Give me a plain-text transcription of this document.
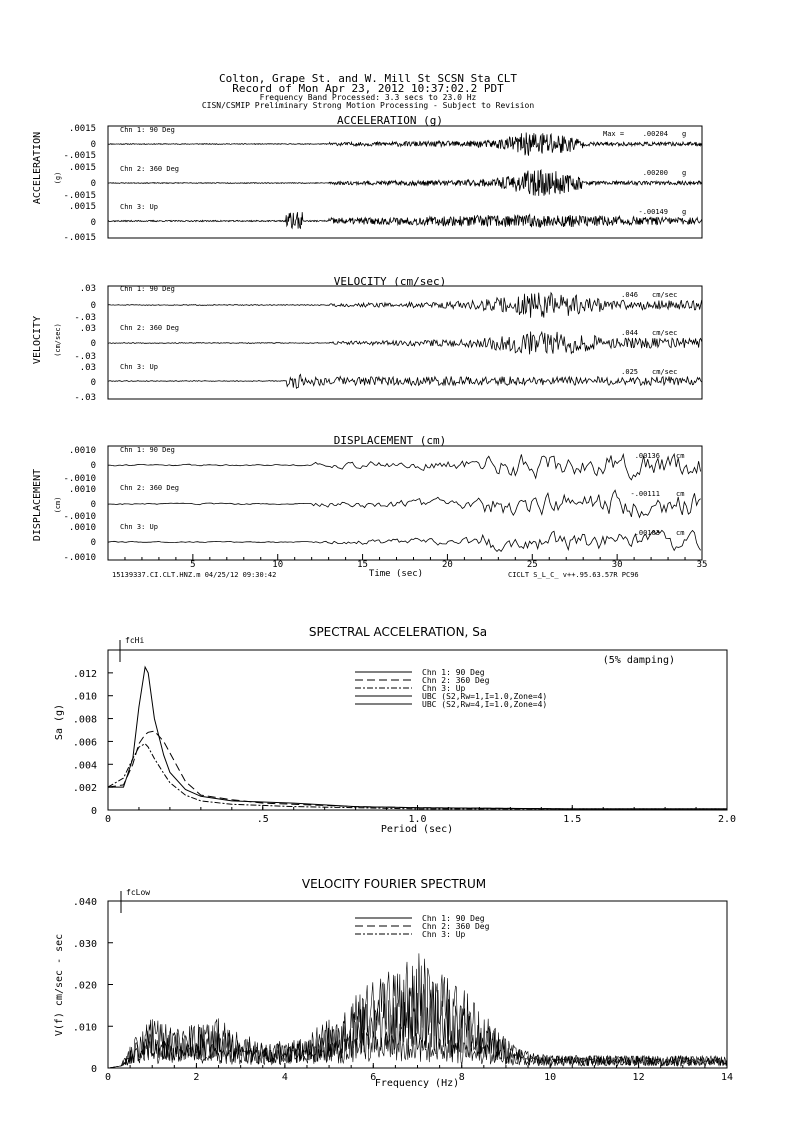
Colton, Grape St. and W. Mill St SCSN Sta CLT
Record of Mon Apr 23, 2012 10:37:02.2 PDT
Frequency Band Processed: 3.3 secs to 23.0 Hz
CISN/CSMIP Preliminary Strong Motion Processing - Subject to Revision
ACCELERATION (g)
ACCELERATION (g)
.0015
0
Chn 1: 90 Deg	Max =	.00204 g
-.0015
.0015
0
Chn 2: 360 Deg	.00200 g
-.0015
.0015
0
-.0015
Chn 3: Up
-.00149 g
VELOCITY (cm/sec)
VELOCITY (cm/sec)
.03
0
Chn 1: 90 Deg
.046 cm/sec
-.03
.03
0
Chn 2: 360 Deg
.044 cm/sec
-.03
.03
0
-.03
Chn 3: Up
.025 cm/sec
DISPLACEMENT (cm)
DISPLACEMENT (cm)
.0010
0
Chn 1: 90 Deg
.00136 cm
-.0010
.0010
0
Chn 2: 360 Deg
-.00111 cm
-.0010
.0010
0
-.0010
Chn 3: Up
.00103 cm
5	10	15	20	25	30	35
Time (sec)
15139337.CI.CLT.HNZ.m 04/25/12 09:30:42	CICLT S_L_C_ v++.95.63.57R PC96
SPECTRAL ACCELERATION, Sa
fcHi
(5% damping)
Sa (g)
Period (sec)
0	.5	1.0	1.5	2.0
0
.002
.004
.006
.008
.010
.012	Chn 1: 90 Deg
Chn 2: 360 Deg
Chn 3: Up
UBC (S2,Rw=1,I=1.0,Zone=4)
UBC (S2,Rw=4,I=1.0,Zone=4)
VELOCITY FOURIER SPECTRUM
fcLow
V(f) cm/sec - sec
Frequency (Hz)
0	2	4	6	8	10	12	14
0
.010
.020
.030
.040
Chn 1: 90 Deg
Chn 2: 360 Deg
Chn 3: Up
